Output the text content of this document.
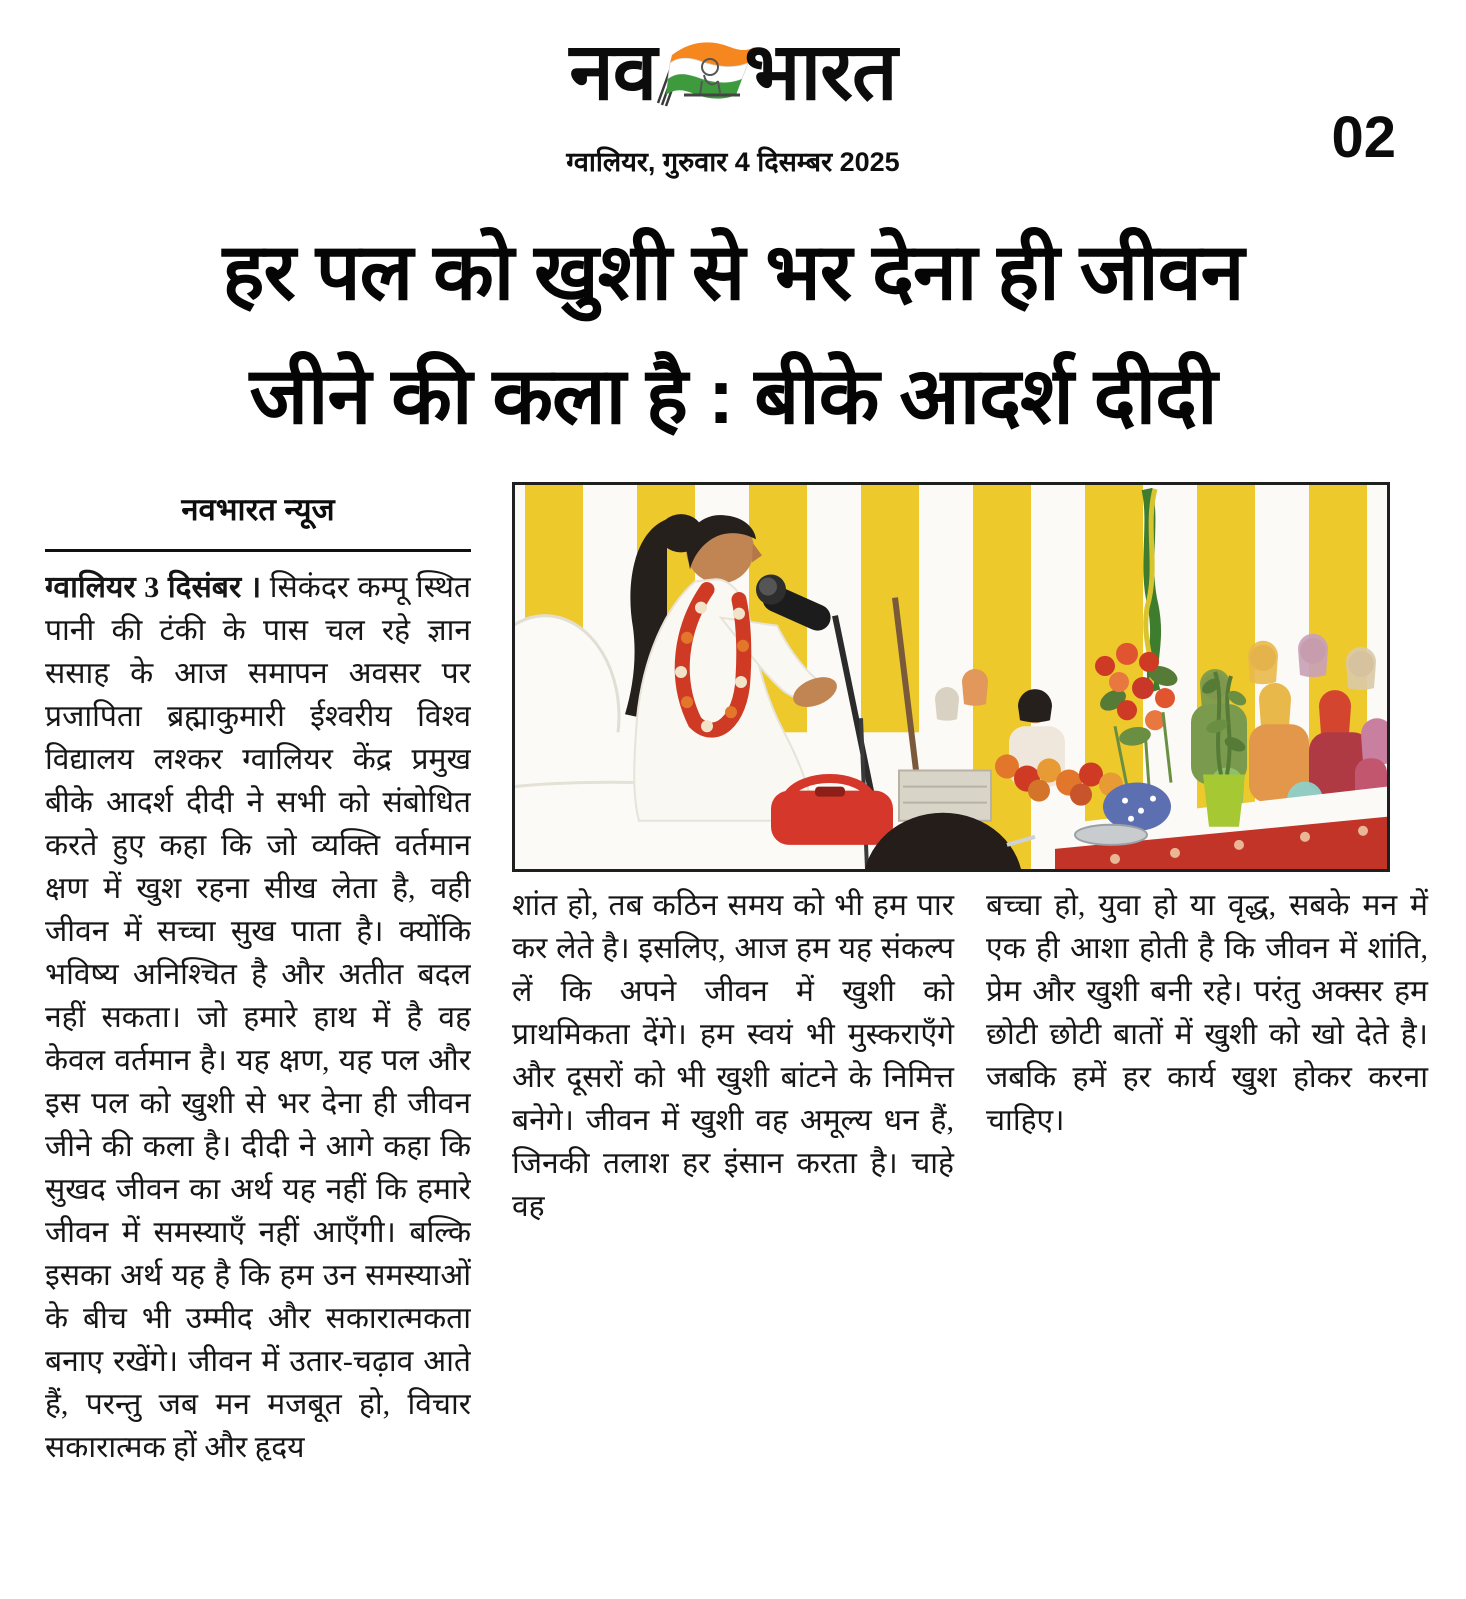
नव भारत
ग्वालियर, गुरुवार 4 दिसम्बर 2025	02
हर पल को खुशी से भर देना ही जीवन
जीने की कला है : बीके आदर्श दीदी
नवभारत न्यूज

ग्वालियर 3 दिसंबर । सिकंदर कम्पू स्थित पानी की टंकी के पास चल रहे ज्ञान ससाह के आज समापन अवसर पर प्रजापिता ब्रह्माकुमारी ईश्वरीय विश्व विद्यालय लश्कर ग्वालियर केंद्र प्रमुख बीके आदर्श दीदी ने सभी को संबोधित करते हुए कहा कि जो व्यक्ति वर्तमान क्षण में खुश रहना सीख लेता है, वही जीवन में सच्चा सुख पाता है। क्योंकि भविष्य अनिश्चित है और अतीत बदल नहीं सकता। जो हमारे हाथ में है वह केवल वर्तमान है। यह क्षण, यह पल और इस पल को खुशी से भर देना ही जीवन जीने की कला है। दीदी ने आगे कहा कि सुखद जीवन का अर्थ यह नहीं कि हमारे जीवन में समस्याएँ नहीं आएँगी। बल्कि इसका अर्थ यह है कि हम उन समस्याओं के बीच भी उम्मीद और सकारात्मकता बनाए रखेंगे। जीवन में उतार-चढ़ाव आते हैं, परन्तु जब मन मजबूत हो, विचार सकारात्मक हों और हृदय

शांत हो, तब कठिन समय को भी हम पार कर लेते है। इसलिए, आज हम यह संकल्प लें कि अपने जीवन में खुशी को प्राथमिकता देंगे। हम स्वयं भी मुस्कराएँगे और दूसरों को भी खुशी बांटने के निमित्त बनेगे। जीवन में खुशी वह अमूल्य धन हैं, जिनकी तलाश हर इंसान करता है। चाहे वह

बच्चा हो, युवा हो या वृद्ध, सबके मन में एक ही आशा होती है कि जीवन में शांति, प्रेम और खुशी बनी रहे। परंतु अक्सर हम छोटी छोटी बातों में खुशी को खो देते है। जबकि हमें हर कार्य खुश होकर करना चाहिए।
